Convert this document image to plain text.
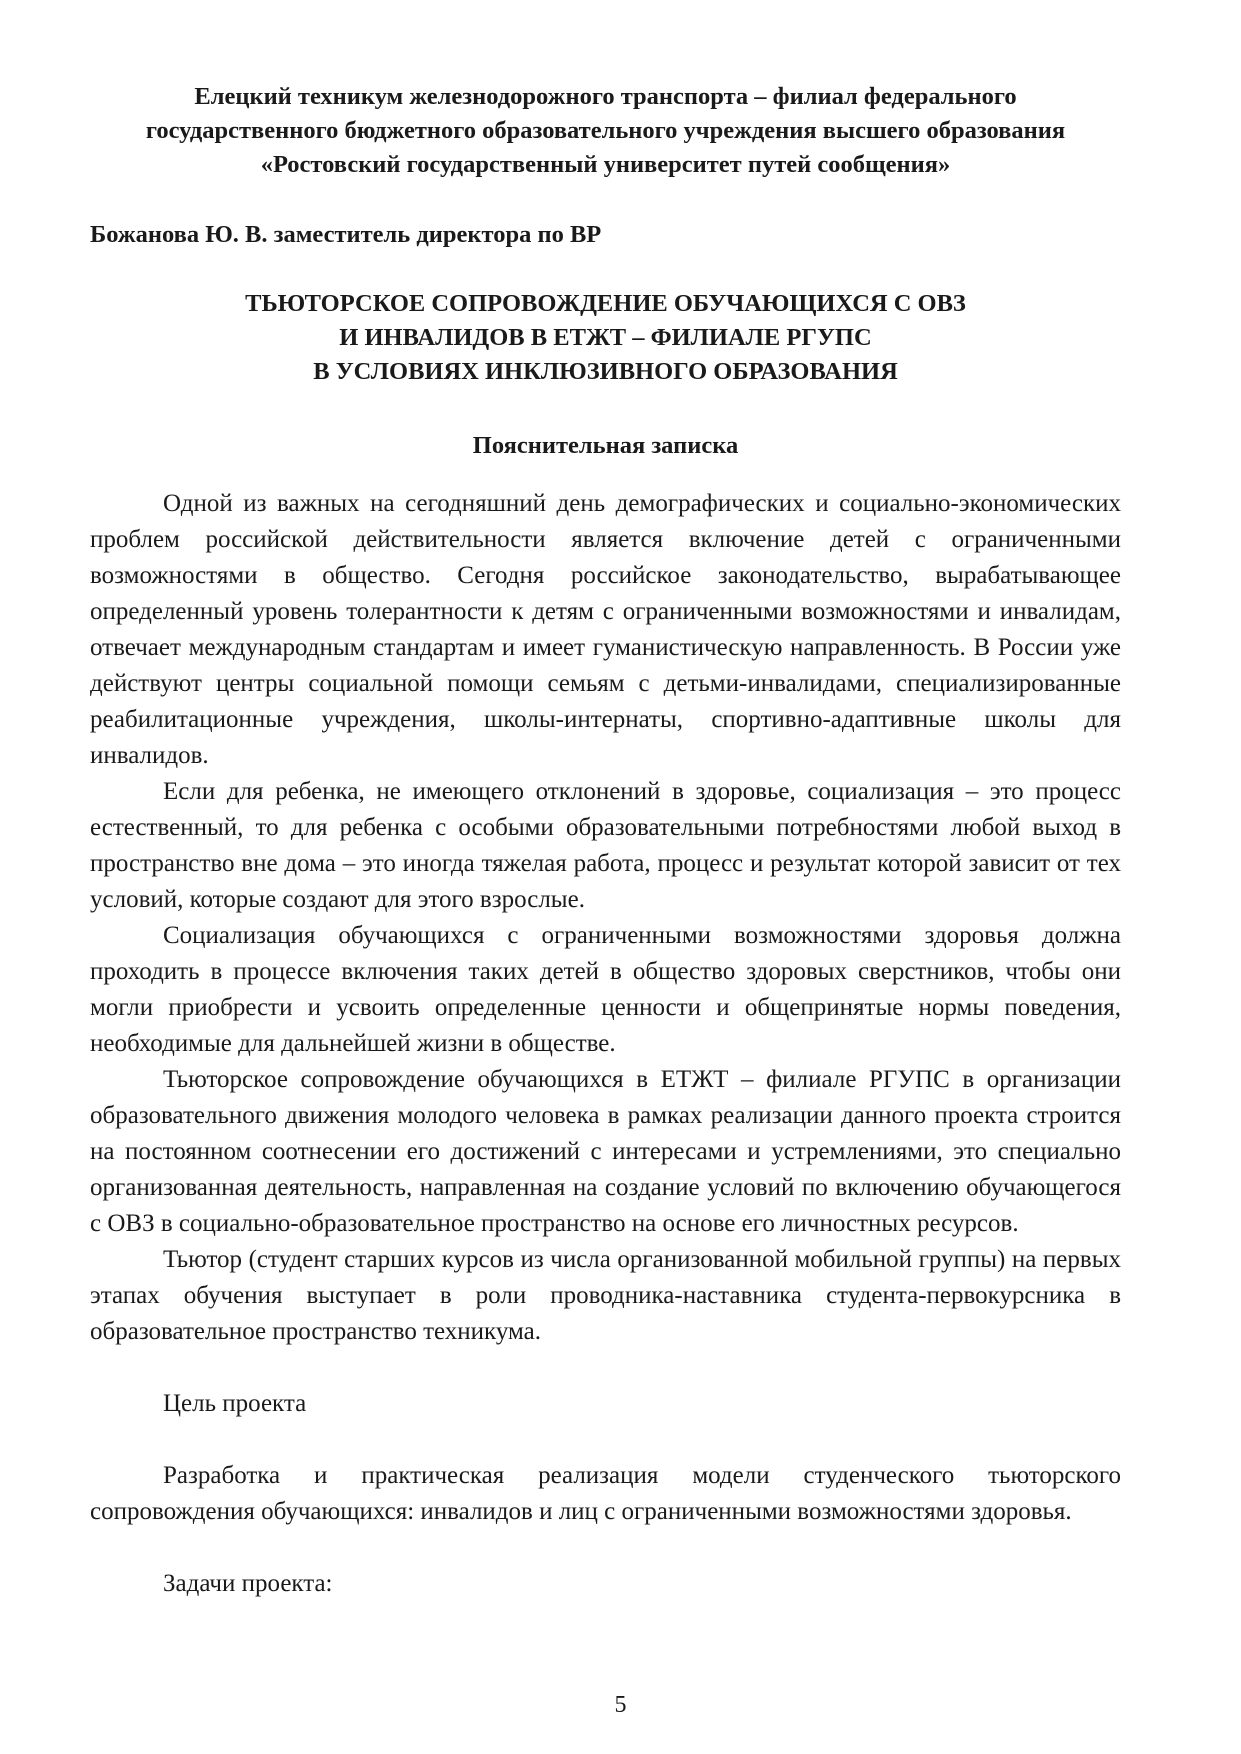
Елецкий техникум железнодорожного транспорта – филиал федерального
государственного бюджетного образовательного учреждения высшего образования
«Ростовский государственный университет путей сообщения»
Божанова Ю. В. заместитель директора по ВР
ТЬЮТОРСКОЕ СОПРОВОЖДЕНИЕ ОБУЧАЮЩИХСЯ С ОВЗ
И ИНВАЛИДОВ В ЕТЖТ – ФИЛИАЛЕ РГУПС
В УСЛОВИЯХ ИНКЛЮЗИВНОГО ОБРАЗОВАНИЯ
Пояснительная записка

Одной из важных на сегодняшний день демографических и социально-экономических проблем российской действительности является включение детей с ограниченными возможностями в общество. Сегодня российское законодательство, вырабатывающее определенный уровень толерантности к детям с ограниченными возможностями и инвалидам, отвечает международным стандартам и имеет гуманистическую направленность. В России уже действуют центры социальной помощи семьям с детьми-инвалидами, специализированные реабилитационные учреждения, школы-интернаты, спортивно-адаптивные школы для инвалидов.

Если для ребенка, не имеющего отклонений в здоровье, социализация – это процесс естественный, то для ребенка с особыми образовательными потребностями любой выход в пространство вне дома – это иногда тяжелая работа, процесс и результат которой зависит от тех условий, которые создают для этого взрослые.

Социализация обучающихся с ограниченными возможностями здоровья должна проходить в процессе включения таких детей в общество здоровых сверстников, чтобы они могли приобрести и усвоить определенные ценности и общепринятые нормы поведения, необходимые для дальнейшей жизни в обществе.

Тьюторское сопровождение обучающихся в ЕТЖТ – филиале РГУПС в организации образовательного движения молодого человека в рамках реализации данного проекта строится на постоянном соотнесении его достижений с интересами и устремлениями, это специально организованная деятельность, направленная на создание условий по включению обучающегося с ОВЗ в социально-образовательное пространство на основе его личностных ресурсов.

Тьютор (студент старших курсов из числа организованной мобильной группы) на первых этапах обучения выступает в роли проводника-наставника студента-первокурсника в образовательное пространство техникума.

Цель проекта
Разработка и практическая реализация модели студенческого тьюторского сопровождения обучающихся: инвалидов и лиц с ограниченными возможностями здоровья.
Задачи проекта:
5
